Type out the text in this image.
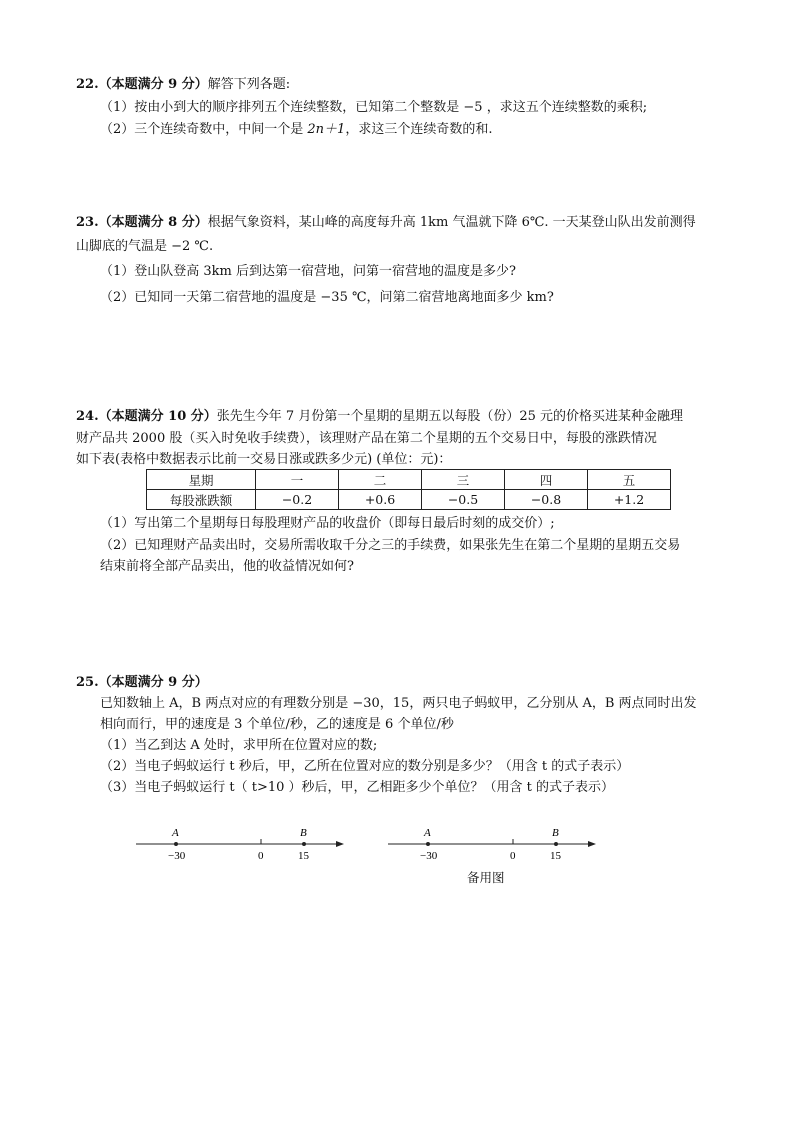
22.（本题满分 9 分）解答下列各题:
（1）按由小到大的顺序排列五个连续整数，已知第二个整数是 −5 ，求这五个连续整数的乘积;
（2）三个连续奇数中，中间一个是 2n＋1，求这三个连续奇数的和.
23.（本题满分 8 分）根据气象资料，某山峰的高度每升高 1km 气温就下降 6℃. 一天某登山队出发前测得
山脚底的气温是 −2 ℃.
（1）登山队登高 3km 后到达第一宿营地，问第一宿营地的温度是多少?
（2）已知同一天第二宿营地的温度是 −35 ℃，问第二宿营地离地面多少 km?
24.（本题满分 10 分）张先生今年 7 月份第一个星期的星期五以每股（份）25 元的价格买进某种金融理
财产品共 2000 股（买入时免收手续费），该理财产品在第二个星期的五个交易日中，每股的涨跌情况
如下表(表格中数据表示比前一交易日涨或跌多少元) (单位：元)：
星期	一	二	三	四	五
每股涨跌额	−0.2	+0.6	−0.5	−0.8	+1.2
（1）写出第二个星期每日每股理财产品的收盘价（即每日最后时刻的成交价）;
（2）已知理财产品卖出时，交易所需收取千分之三的手续费，如果张先生在第二个星期的星期五交易
结束前将全部产品卖出，他的收益情况如何?
25.（本题满分 9 分）
已知数轴上 A，B 两点对应的有理数分别是 −30，15，两只电子蚂蚁甲，乙分别从 A，B 两点同时出发
相向而行，甲的速度是 3 个单位/秒，乙的速度是 6 个单位/秒
（1）当乙到达 A 处时，求甲所在位置对应的数;
（2）当电子蚂蚁运行 t 秒后，甲，乙所在位置对应的数分别是多少？（用含 t 的式子表示）
（3）当电子蚂蚁运行 t（ t>10 ）秒后，甲，乙相距多少个单位？（用含 t 的式子表示）
A	B
−30	0	15
A	B
−30	0	15
备用图
